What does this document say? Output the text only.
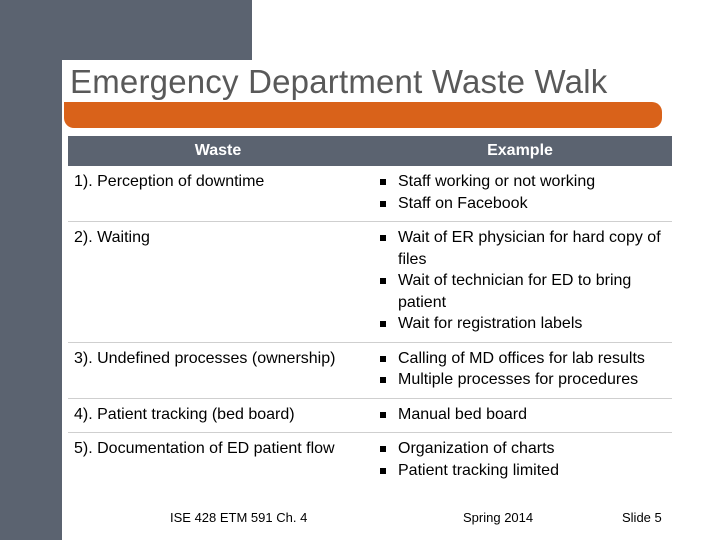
Emergency Department Waste Walk
Waste	Example
1). Perception of downtime	Staff working or not working
Staff on Facebook
2). Waiting	Wait of ER physician for hard copy of files
Wait of technician for ED to bring patient
Wait for registration labels
3). Undefined processes (ownership)	Calling of MD offices for lab results
Multiple processes for procedures
4). Patient tracking (bed board)	Manual bed board
5). Documentation of ED patient flow	Organization of charts
Patient tracking limited
ISE 428 ETM 591 Ch. 4	Spring 2014	Slide 5
